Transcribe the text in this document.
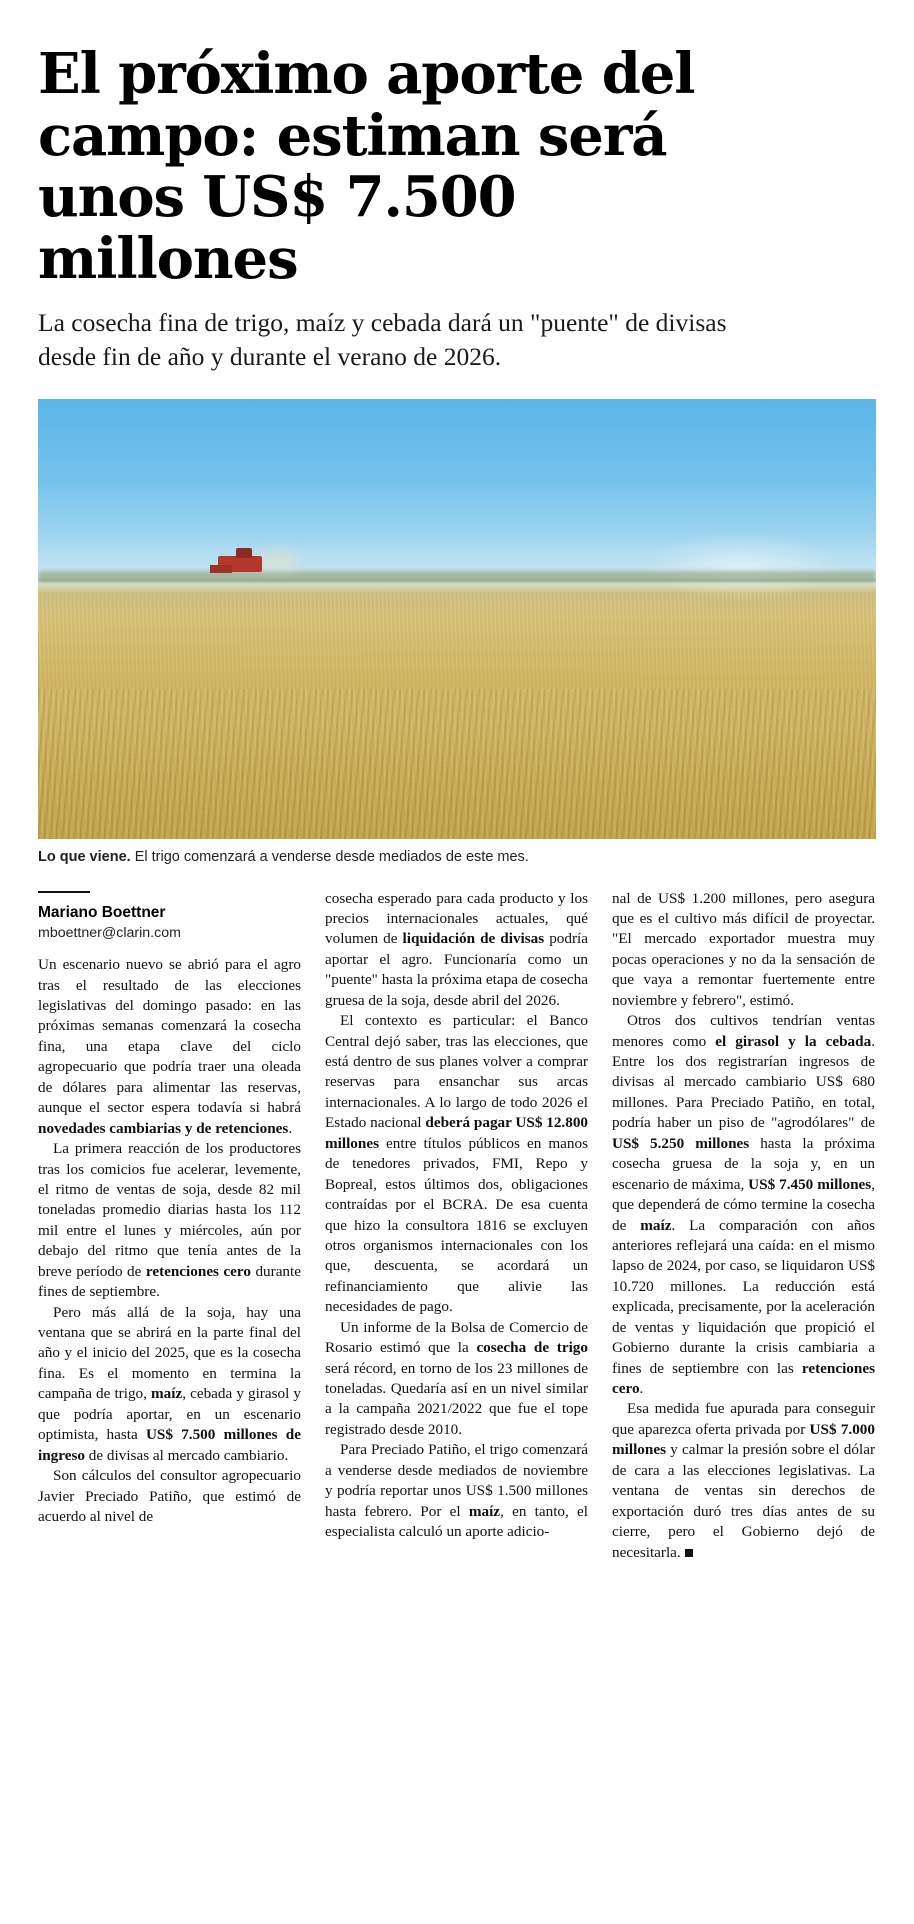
El próximo aporte del campo: estiman será unos US$ 7.500 millones

La cosecha fina de trigo, maíz y cebada dará un "puente" de divisas desde fin de año y durante el verano de 2026.

Lo que viene. El trigo comenzará a venderse desde mediados de este mes.
Mariano Boettner
mboettner@clarin.com

Un escenario nuevo se abrió para el agro tras el resultado de las elecciones legislativas del domingo pasado: en las próximas semanas comenzará la cosecha fina, una etapa clave del ciclo agropecuario que podría traer una oleada de dólares para alimentar las reservas, aunque el sector espera todavía si habrá novedades cambiarias y de retenciones.

La primera reacción de los productores tras los comicios fue acelerar, levemente, el ritmo de ventas de soja, desde 82 mil toneladas promedio diarias hasta los 112 mil entre el lunes y miércoles, aún por debajo del ritmo que tenía antes de la breve período de retenciones cero durante fines de septiembre.

Pero más allá de la soja, hay una ventana que se abrirá en la parte final del año y el inicio del 2025, que es la cosecha fina. Es el momento en termina la campaña de trigo, maíz, cebada y girasol y que podría aportar, en un escenario optimista, hasta US$ 7.500 millones de ingreso de divisas al mercado cambiario.

Son cálculos del consultor agropecuario Javier Preciado Patiño, que estimó de acuerdo al nivel de

cosecha esperado para cada producto y los precios internacionales actuales, qué volumen de liquidación de divisas podría aportar el agro. Funcionaría como un "puente" hasta la próxima etapa de cosecha gruesa de la soja, desde abril del 2026.

El contexto es particular: el Banco Central dejó saber, tras las elecciones, que está dentro de sus planes volver a comprar reservas para ensanchar sus arcas internacionales. A lo largo de todo 2026 el Estado nacional deberá pagar US$ 12.800 millones entre títulos públicos en manos de tenedores privados, FMI, Repo y Bopreal, estos últimos dos, obligaciones contraídas por el BCRA. De esa cuenta que hizo la consultora 1816 se excluyen otros organismos internacionales con los que, descuenta, se acordará un refinanciamiento que alivie las necesidades de pago.

Un informe de la Bolsa de Comercio de Rosario estimó que la cosecha de trigo será récord, en torno de los 23 millones de toneladas. Quedaría así en un nivel similar a la campaña 2021/2022 que fue el tope registrado desde 2010.

Para Preciado Patiño, el trigo comenzará a venderse desde mediados de noviembre y podría reportar unos US$ 1.500 millones hasta febrero. Por el maíz, en tanto, el especialista calculó un aporte adicio-

nal de US$ 1.200 millones, pero asegura que es el cultivo más difícil de proyectar. "El mercado exportador muestra muy pocas operaciones y no da la sensación de que vaya a remontar fuertemente entre noviembre y febrero", estimó.

Otros dos cultivos tendrían ventas menores como el girasol y la cebada. Entre los dos registrarían ingresos de divisas al mercado cambiario US$ 680 millones. Para Preciado Patiño, en total, podría haber un piso de "agrodólares" de US$ 5.250 millones hasta la próxima cosecha gruesa de la soja y, en un escenario de máxima, US$ 7.450 millones, que dependerá de cómo termine la cosecha de maíz. La comparación con años anteriores reflejará una caída: en el mismo lapso de 2024, por caso, se liquidaron US$ 10.720 millones. La reducción está explicada, precisamente, por la aceleración de ventas y liquidación que propició el Gobierno durante la crisis cambiaria a fines de septiembre con las retenciones cero.

Esa medida fue apurada para conseguir que aparezca oferta privada por US$ 7.000 millones y calmar la presión sobre el dólar de cara a las elecciones legislativas. La ventana de ventas sin derechos de exportación duró tres días antes de su cierre, pero el Gobierno dejó de necesitarla.
